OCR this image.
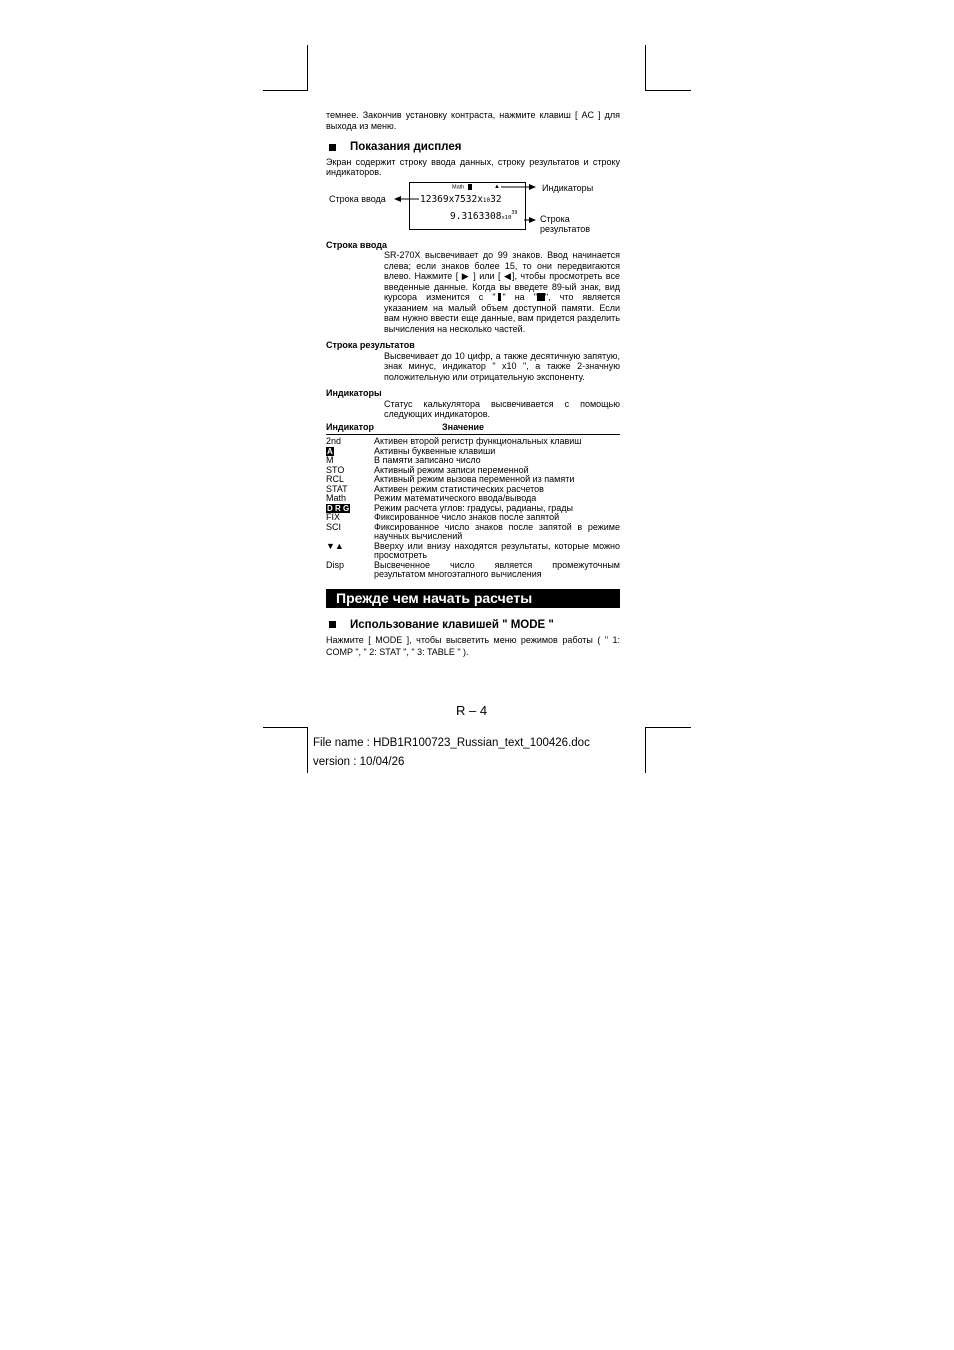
темнее. Закончив установку контраста, нажмите клавиш [ AC ] для выхода из меню.
Показания дисплея
Экран содержит строку ввода данных, строку результатов и строку индикаторов.
Math	▲
12369x7532x1032
$9.3163308x10^{39}$
Индикаторы
Строка ввода
Строка
результатов
Строка ввода
SR-270X высвечивает до 99 знаков. Ввод начинается слева; если знаков более 15, то они передвигаются влево. Нажмите [ ▶ ] или [ ◀], чтобы просмотреть все введенные данные. Когда вы введете 89-ый знак, вид курсора изменится с " " на " ", что является указанием на малый объем доступной памяти. Если вам нужно ввести еще данные, вам придется разделить вычисления на несколько частей.
Строка результатов
Высвечивает до 10 цифр, а также десятичную запятую, знак минус, индикатор " x10 ", а также 2-значную положительную или отрицательную экспоненту.
Индикаторы
Статус калькулятора высвечивается с помощью следующих индикаторов.
Индикатор	Значение
2nd	Активен второй регистр функциональных клавиш
A	Активны буквенные клавиши
M	В памяти записано число
STO	Активный режим записи переменной
RCL	Активный режим вызова переменной из памяти
STAT	Активен режим статистических расчетов
Math	Режим математического ввода/вывода
D R G	Режим расчета углов: градусы, радианы, грады
FIX	Фиксированное число знаков после запятой
SCI	Фиксированное число знаков после запятой в режиме научных вычислений
▼▲	Вверху или внизу находятся результаты, которые можно просмотреть
Disp	Высвеченное число является промежуточным результатом многоэтапного вычисления
Прежде чем начать расчеты
Использование клавишей " MODE "
Нажмите [ MODE ], чтобы высветить меню режимов работы ( " 1: COMP ", " 2: STAT ", " 3: TABLE " ).
R – 4
File name : HDB1R100723_Russian_text_100426.doc
version : 10/04/26
